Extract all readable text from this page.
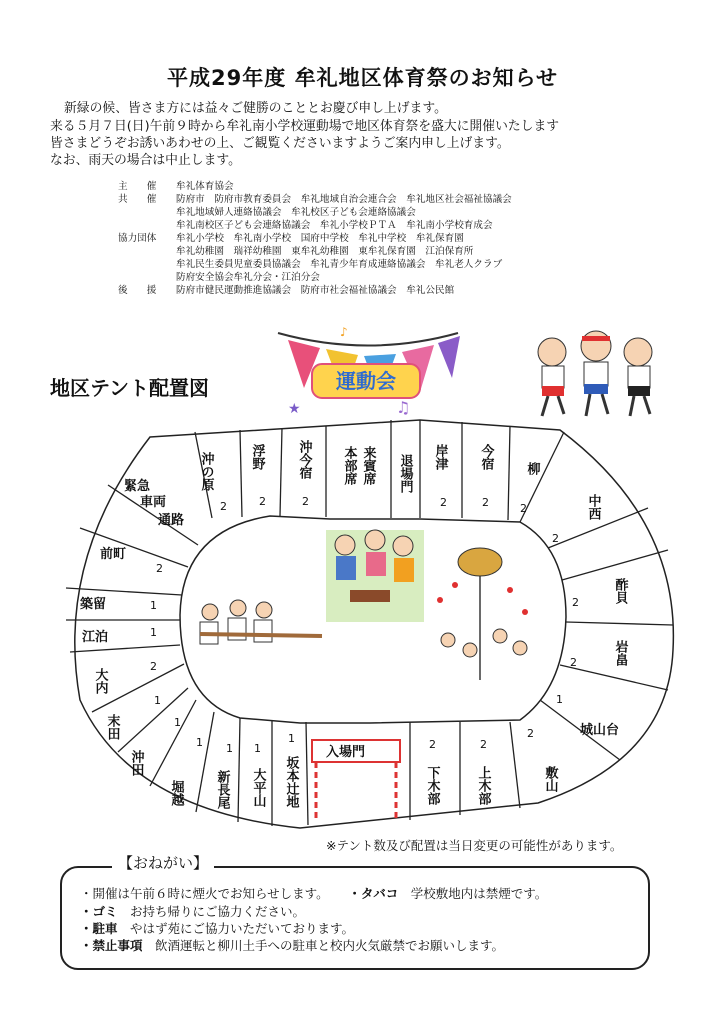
平成29年度 牟礼地区体育祭のお知らせ
新緑の候、皆さま方には益々ご健勝のこととお慶び申し上げます。
来る５月７日(日)午前９時から牟礼南小学校運動場で地区体育祭を盛大に開催いたします
皆さまどうぞお誘いあわせの上、ご観覧くださいますようご案内申し上げます。
なお、雨天の場合は中止します。
主　　催 牟礼体育協会
共　　催 防府市　防府市教育委員会　牟礼地域自治会連合会　牟礼地区社会福祉協議会
牟礼地域婦人連絡協議会　牟礼校区子ども会連絡協議会
牟礼南校区子ども会連絡協議会　牟礼小学校ＰＴＡ　牟礼南小学校育成会
協力団体 牟礼小学校　牟礼南小学校　国府中学校　牟礼中学校　牟礼保育園
牟礼幼稚園　瑞祥幼稚園　東牟礼幼稚園　東牟礼保育園　江泊保育所
牟礼民生委員児童委員協議会　牟礼青少年育成連絡協議会　牟礼老人クラブ
防府安全協会牟礼分会・江泊分会
後　　援 防府市健民運動推進協議会　防府市社会福祉協議会　牟礼公民館
地区テント配置図	運動会
★	♫
♪
沖の原
2
浮野
2
沖今宿
2
本部席 来賓席 退場門 岸津
2
今宿
2
柳
2	中西
2
酢貝
2
岩畠
2
城山台
1
敷山
2
上木部
2
下木部
2
坂本辻地
1
大平山
1
新長尾
1
堀越
1
沖田
1
末田
1
大内
2
江泊	1
築留	1
前町
2
緊急
車両
通路
入場門
※テント数及び配置は当日変更の可能性があります。
【おねがい】
・開催は午前６時に煙火でお知らせします。 ・タバコ　 学校敷地内は禁煙です。
・ゴミ　 お持ち帰りにご協力ください。
・駐車　 やはず苑にご協力いただいております。
・禁止事項　 飲酒運転と柳川土手への駐車と校内火気厳禁でお願いします。
